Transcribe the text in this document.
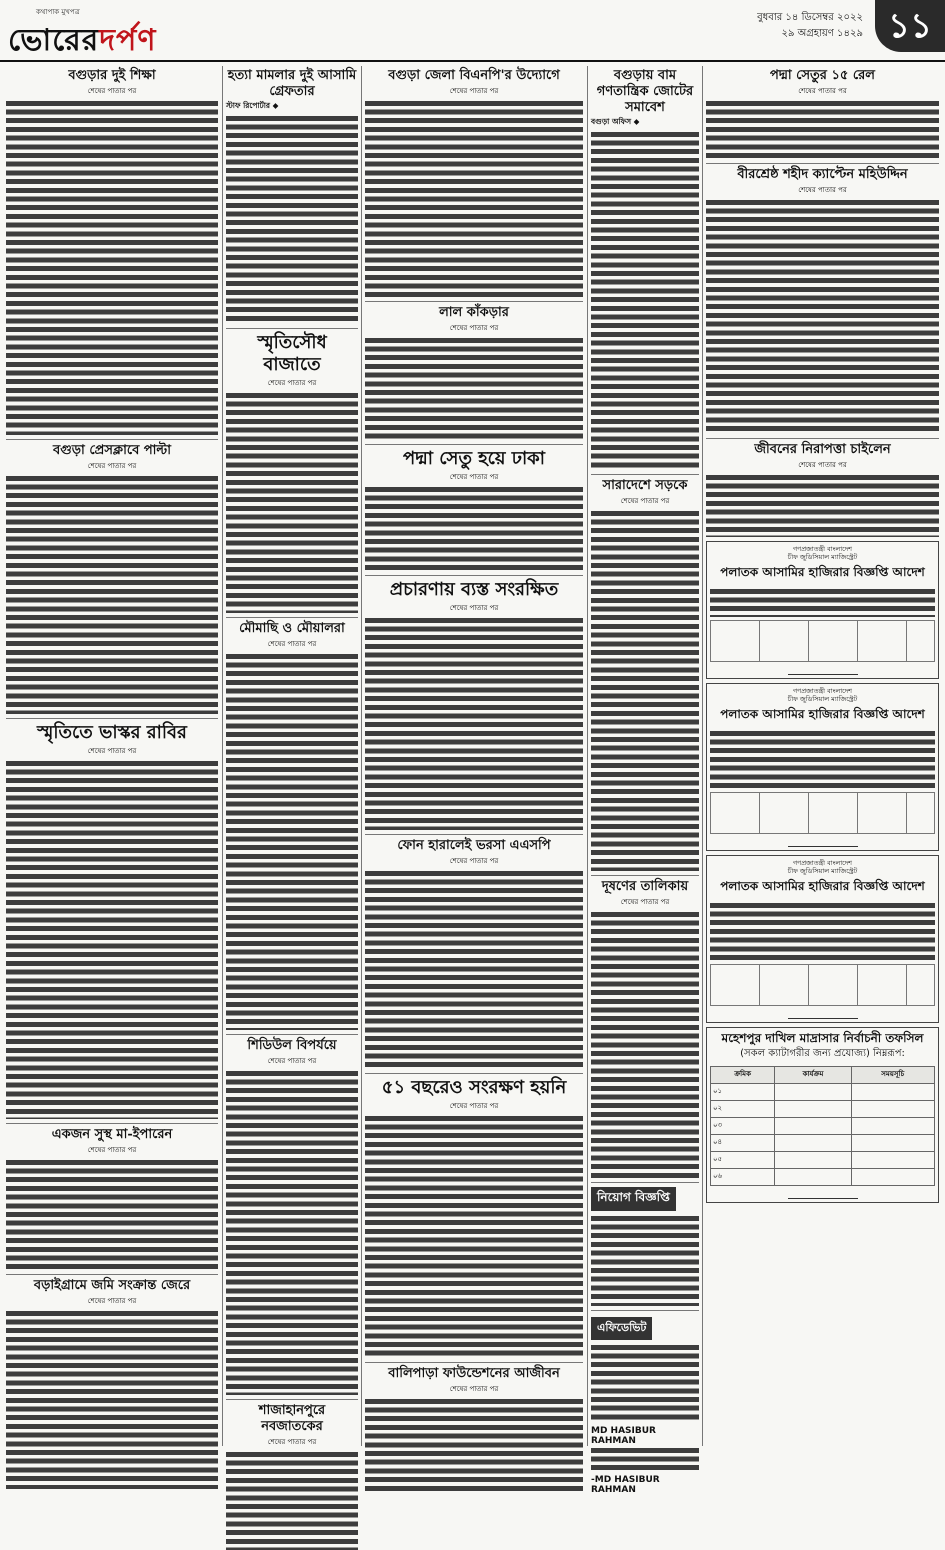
কথাপাক মুখপত্র
ভোরেরদর্পণ
বুধবার ১৪ ডিসেম্বর ২০২২
২৯ অগ্রহায়ণ ১৪২৯ ১১
বগুড়ার দুই শিক্ষা
শেষের পাতার পর
বগুড়া প্রেসক্লাবে পাল্টা
শেষের পাতার পর
স্মৃতিতে ভাস্কর রাবির
শেষের পাতার পর
একজন সুস্থ মা-ইপারেন
শেষের পাতার পর
বড়াইগ্রামে জমি সংক্রান্ত জেরে
শেষের পাতার পর
হত্যা মামলার দুই আসামি গ্রেফতার
স্টাফ রিপোর্টার ◆
স্মৃতিসৌধ বাজাতে
শেষের পাতার পর
মৌমাছি ও মৌয়ালরা
শেষের পাতার পর
শিডিউল বিপর্যয়ে
শেষের পাতার পর
শাজাহানপুরে নবজাতকের
শেষের পাতার পর
বগুড়া জেলা বিএনপি'র উদ্যোগে
শেষের পাতার পর
লাল কাঁকড়ার
শেষের পাতার পর
পদ্মা সেতু হয়ে ঢাকা
শেষের পাতার পর
প্রচারণায় ব্যস্ত সংরক্ষিত
শেষের পাতার পর
ফোন হারালেই ভরসা এএসপি
শেষের পাতার পর
৫১ বছরেও সংরক্ষণ হয়নি
শেষের পাতার পর
বালিপাড়া ফাউন্ডেশনের আজীবন
শেষের পাতার পর
বগুড়ায় বাম গণতান্ত্রিক জোটের সমাবেশ
বগুড়া অফিস ◆
সারাদেশে সড়কে
শেষের পাতার পর
দূষণের তালিকায়
শেষের পাতার পর
নিয়োগ বিজ্ঞপ্তি
এফিডেভিট
MD HASIBUR RAHMAN
-MD HASIBUR RAHMAN
পদ্মা সেতুর ১৫ রেল
শেষের পাতার পর
বীরশ্রেষ্ঠ শহীদ ক্যাপ্টেন মহিউদ্দিন
শেষের পাতার পর
জীবনের নিরাপত্তা চাইলেন
শেষের পাতার পর
গণপ্রজাতন্ত্রী বাংলাদেশ
চীফ জুডিসিয়াল ম্যাজিস্ট্রেট
পলাতক আসামির হাজিরার বিজ্ঞপ্তি আদেশ
গণপ্রজাতন্ত্রী বাংলাদেশ
চীফ জুডিসিয়াল ম্যাজিস্ট্রেট
পলাতক আসামির হাজিরার বিজ্ঞপ্তি আদেশ
গণপ্রজাতন্ত্রী বাংলাদেশ
চীফ জুডিসিয়াল ম্যাজিস্ট্রেট
পলাতক আসামির হাজিরার বিজ্ঞপ্তি আদেশ
মহেশপুর দাখিল মাদ্রাসার নির্বাচনী তফসিল
(সকল ক্যাটাগরীর জন্য প্রযোজ্য) নিম্নরূপ:
ক্রমিক	কার্যক্রম	সময়সূচি
০১		
০২		
০৩		
০৪		
০৫		
০৬		
